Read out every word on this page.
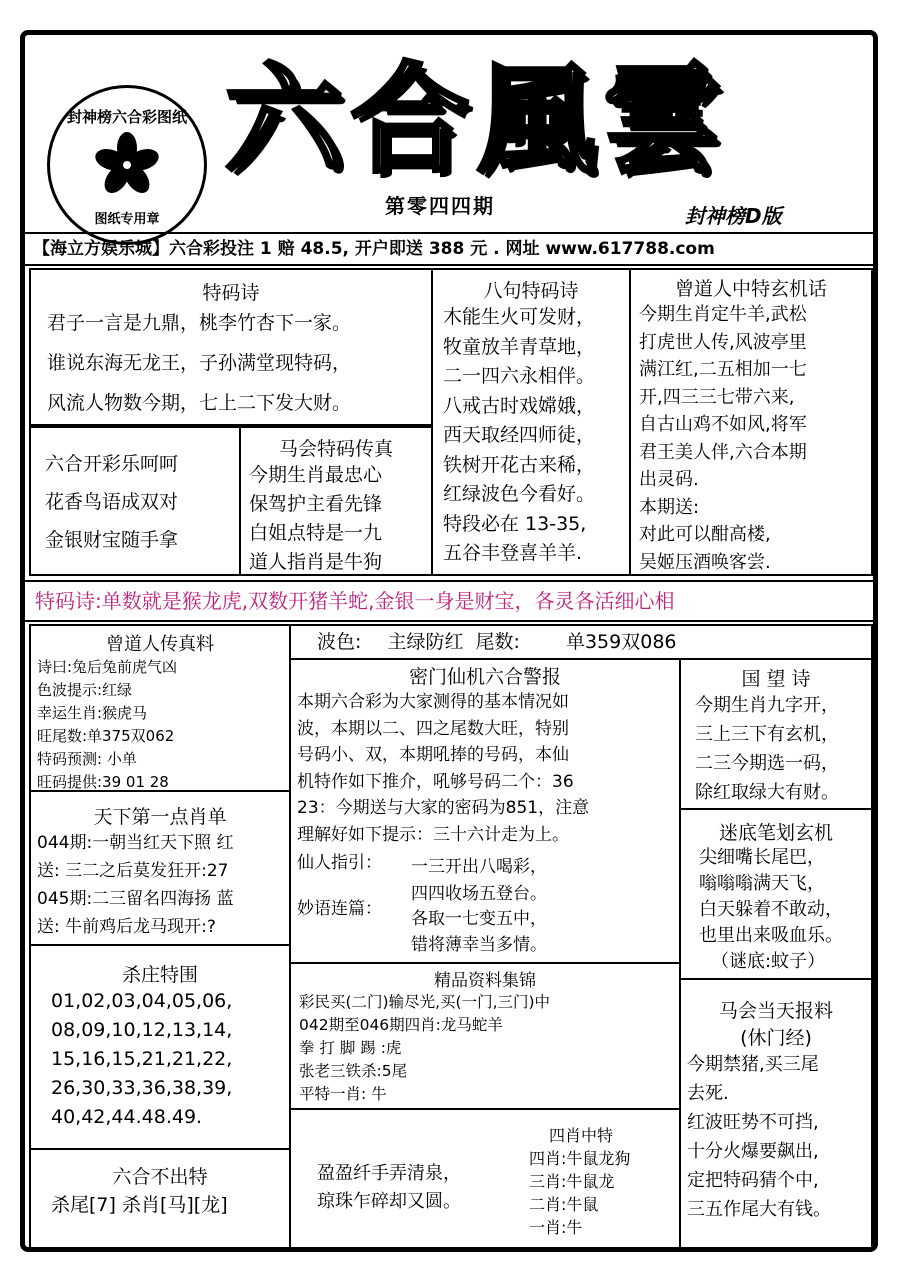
封神榜六合彩图纸
图纸专用章
六合風雲
第零四四期	封神榜D版
【海立方娱乐城】六合彩投注 1 赔 48.5, 开户即送 388 元 . 网址 www.617788.com
特码诗
君子一言是九鼎，桃李竹杏下一家。
谁说东海无龙王，子孙满堂现特码，
风流人物数今期，七上二下发大财。
六合开彩乐呵呵
花香鸟语成双对
金银财宝随手拿
马会特码传真
今期生肖最忠心
保驾护主看先锋
白姐点特是一九
道人指肖是牛狗
八句特码诗
木能生火可发财，
牧童放羊青草地，
二一四六永相伴。
八戒古时戏嫦娥，
西天取经四师徒，
铁树开花古来稀，
红绿波色今看好。
特段必在 13-35,
五谷丰登喜羊羊.
曾道人中特玄机话
今期生肖定牛羊,武松
打虎世人传,风波亭里
满江红,二五相加一七
开,四三三七带六来,
自古山鸡不如风,将军
君王美人伴,六合本期
出灵码.
本期送:
对此可以酣高楼,
吴姬压酒唤客尝.
特码诗:单数就是猴龙虎,双数开猪羊蛇,金银一身是财宝，各灵各活细心相
曾道人传真料
诗曰:兔后兔前虎气凶
色波提示:红绿
幸运生肖:猴虎马
旺尾数:单375双062
特码预测: 小单
旺码提供:39 01 28
天下第一点肖单
044期:一朝当红天下照 红
送: 三二之后莫发狂开:27
045期:二三留名四海扬 蓝
送: 牛前鸡后龙马现开:?
杀庄特围
01,02,03,04,05,06,
08,09,10,12,13,14,
15,16,15,21,21,22,
26,30,33,36,38,39,
40,42,44.48.49.
六合不出特
杀尾[7] 杀肖[马][龙]
波色: 主绿防红 尾数: 单359双086
密门仙机六合警报
本期六合彩为大家测得的基本情况如
波，本期以二、四之尾数大旺，特别
号码小、双，本期吼捧的号码，本仙
机特作如下推介，吼够号码二个：36
23：今期送与大家的密码为851，注意
理解好如下提示：三十六计走为上。
仙人指引： 一三开出八喝彩，
四四收场五登台。
妙语连篇： 各取一七变五中，
错将薄幸当多情。
国 望 诗
今期生肖九字开，
三上三下有玄机，
二三今期选一码，
除红取绿大有财。
迷底笔划玄机
尖细嘴长尾巴，
嗡嗡嗡满天飞，
白天躲着不敢动，
也里出来吸血乐。
（谜底:蚊子）
马会当天报料
(休门经)
今期禁猪,买三尾
去死.
红波旺势不可挡,
十分火爆要飙出,
定把特码猜个中,
三五作尾大有钱。
精品资料集锦
彩民买(二门)输尽光,买(一门,三门)中
042期至046期四肖:龙马蛇羊
拳 打 脚 踢 :虎
张老三铁杀:5尾
平特一肖: 牛
盈盈纤手弄清泉，
琼珠乍碎却又圆。
四肖中特
四肖:牛鼠龙狗
三肖:牛鼠龙
二肖:牛鼠
一肖:牛
